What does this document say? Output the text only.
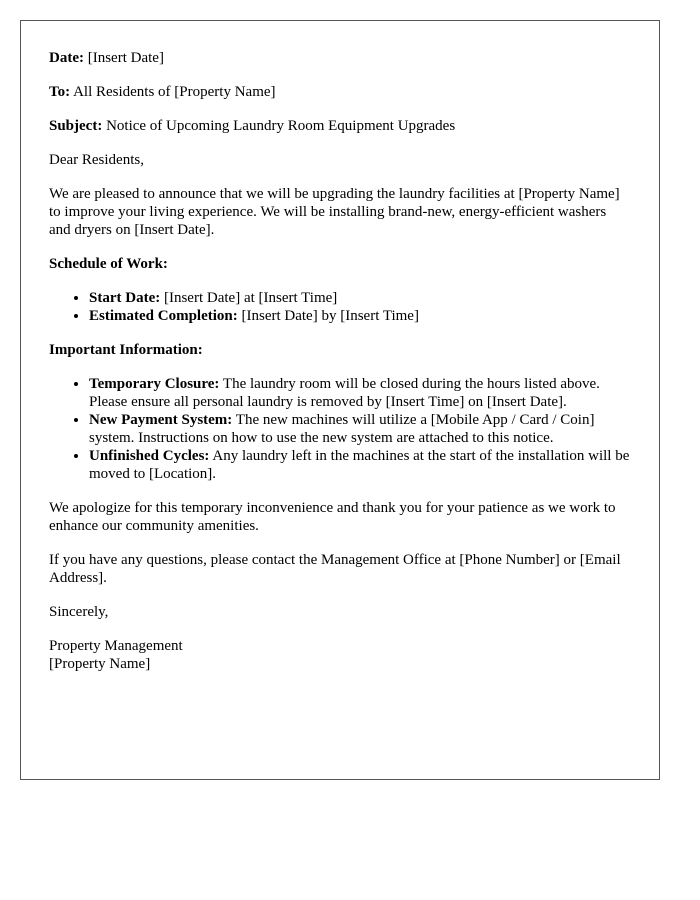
Date: [Insert Date]

To: All Residents of [Property Name]

Subject: Notice of Upcoming Laundry Room Equipment Upgrades

Dear Residents,

We are pleased to announce that we will be upgrading the laundry facilities at [Property Name] to improve your living experience. We will be installing brand-new, energy-efficient washers and dryers on [Insert Date].

Schedule of Work:

• Start Date: [Insert Date] at [Insert Time]
• Estimated Completion: [Insert Date] by [Insert Time]

Important Information:

• Temporary Closure: The laundry room will be closed during the hours listed above. Please ensure all personal laundry is removed by [Insert Time] on [Insert Date].
• New Payment System: The new machines will utilize a [Mobile App / Card / Coin] system. Instructions on how to use the new system are attached to this notice.
• Unfinished Cycles: Any laundry left in the machines at the start of the installation will be moved to [Location].

We apologize for this temporary inconvenience and thank you for your patience as we work to enhance our community amenities.

If you have any questions, please contact the Management Office at [Phone Number] or [Email Address].

Sincerely,

Property Management
[Property Name]
